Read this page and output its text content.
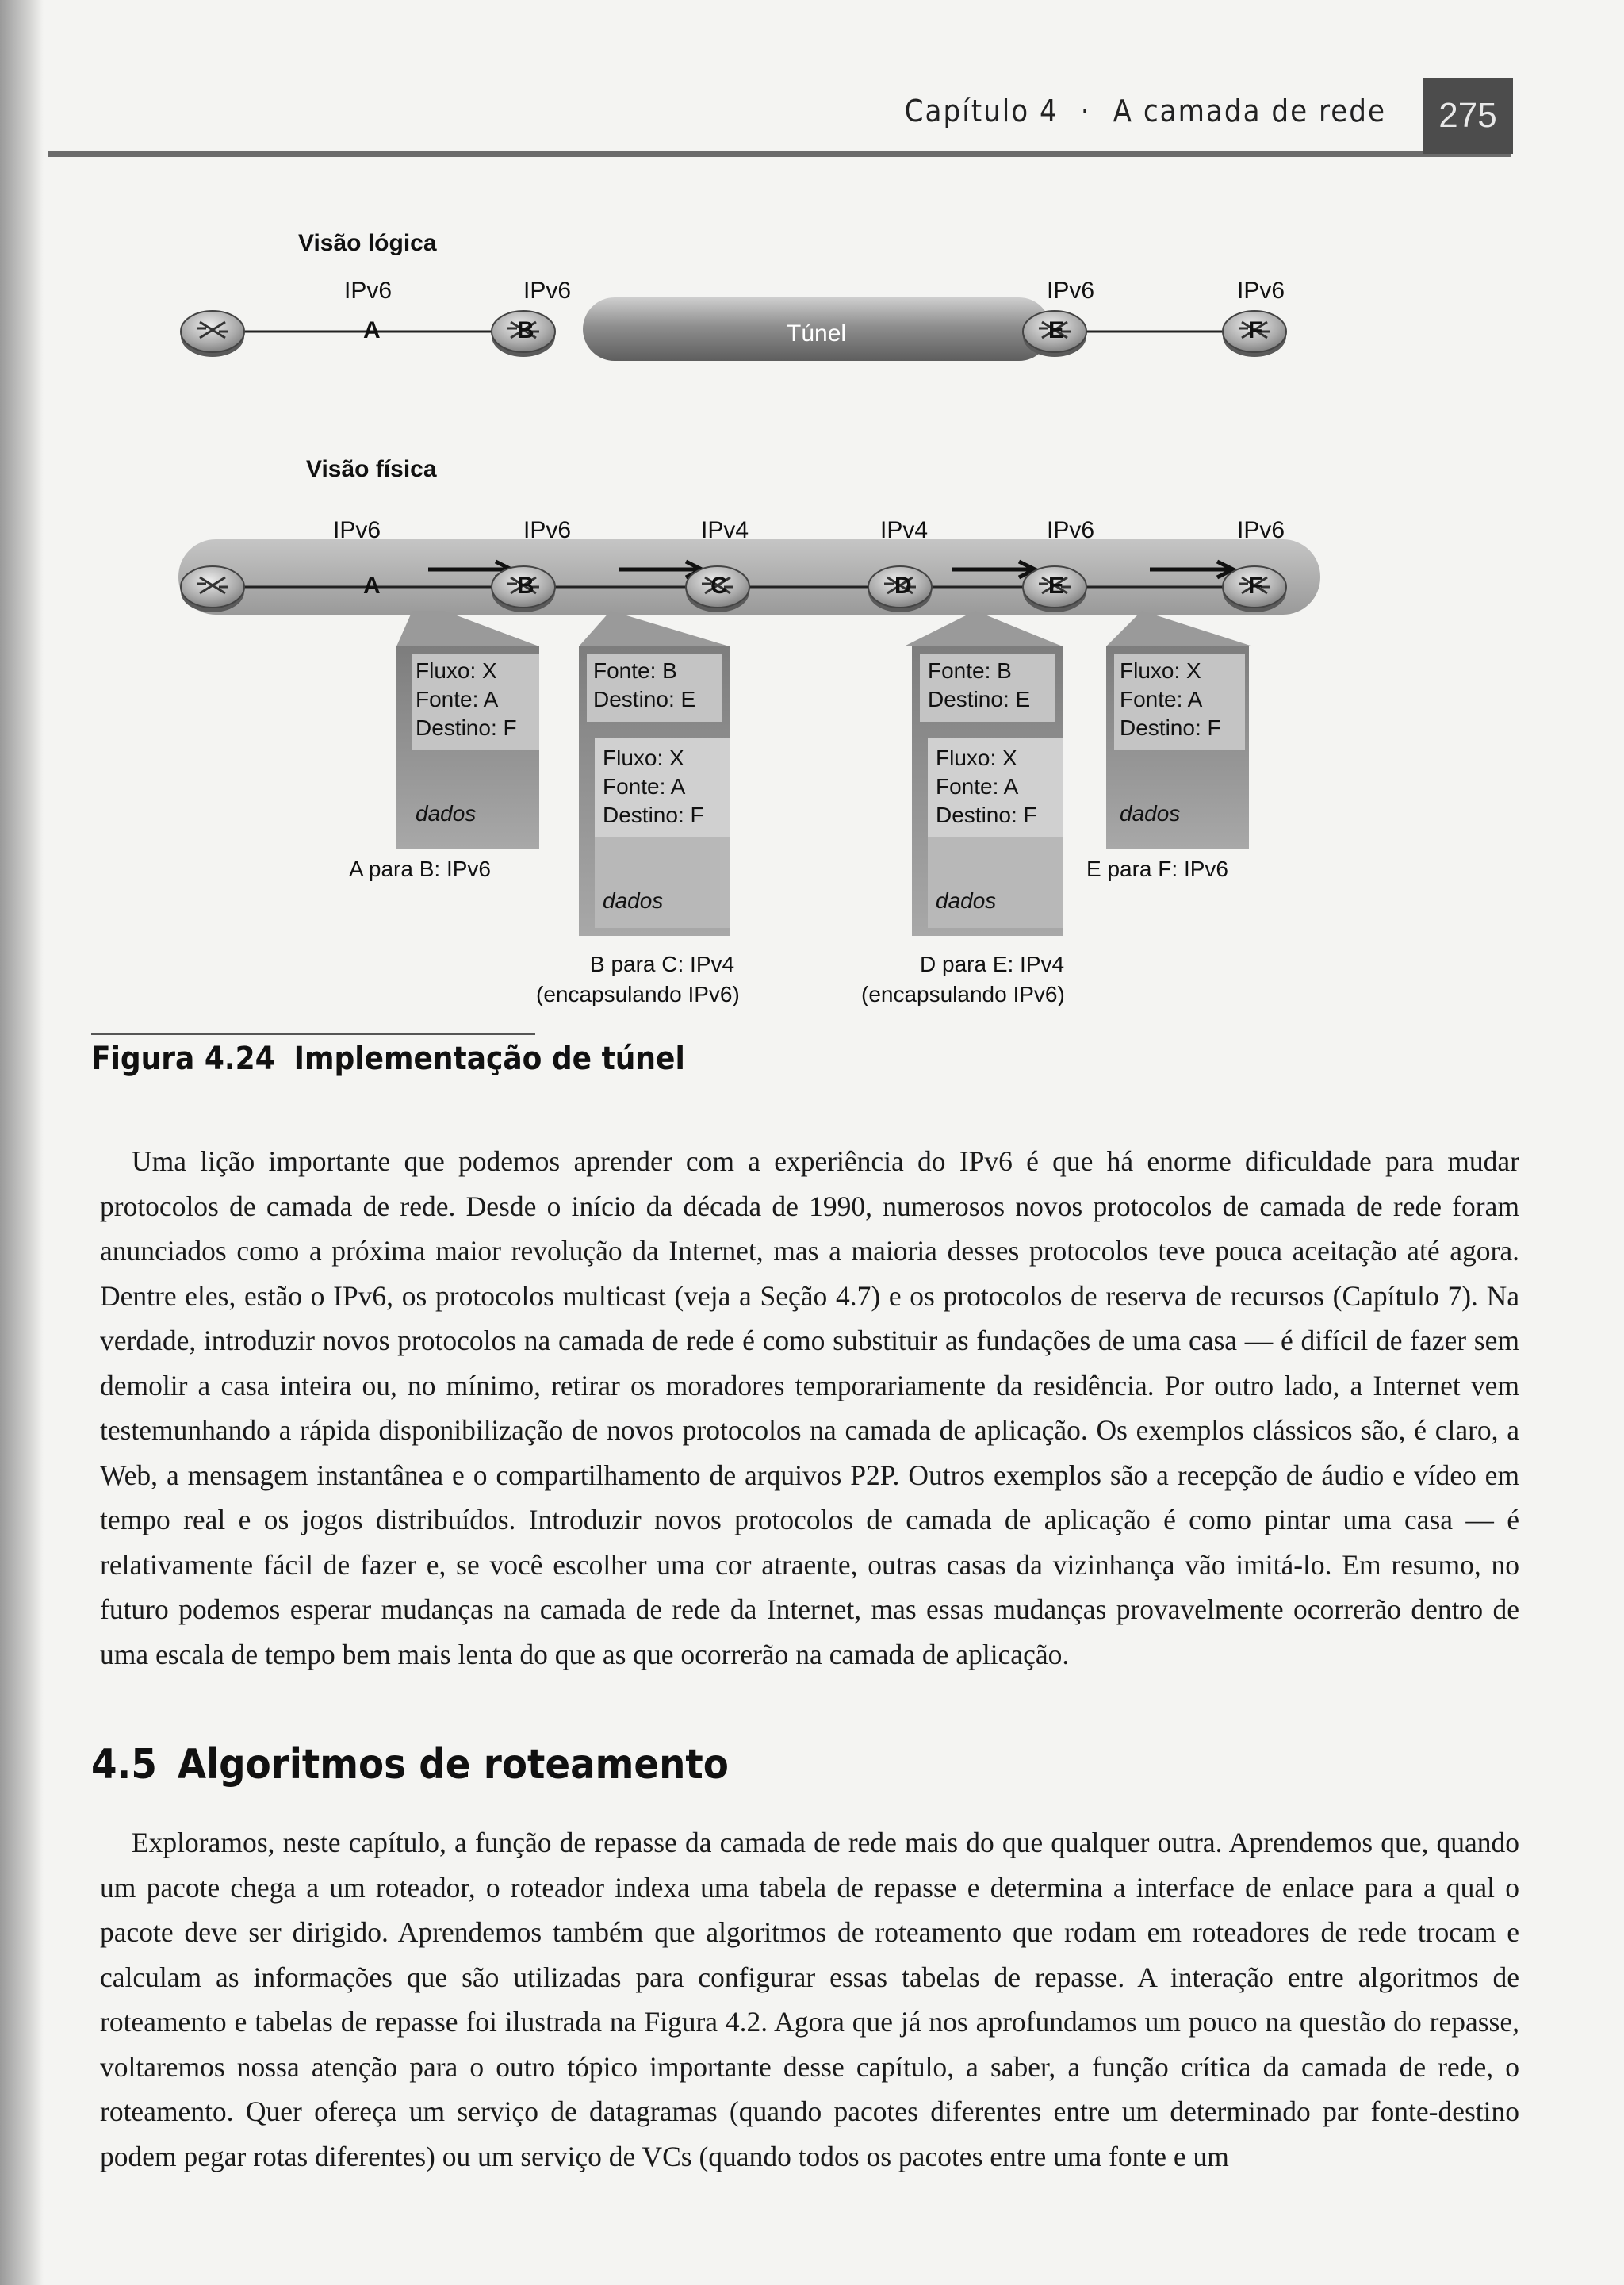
Capítulo 4 · A camada de rede	275
Visão lógica
IPv6	IPv6	IPv6	IPv6
Túnel
A	B	E	F
Visão física
IPv6	IPv6	IPv4	IPv4	IPv6	IPv6
A	B	C	D	E	F
Fluxo: X
Fonte: A
Destino: F
dados
A para B: IPv6
Fonte: B
Destino: E
Fluxo: X
Fonte: A
Destino: F
dados
B para C: IPv4
(encapsulando IPv6)
Fonte: B
Destino: E
Fluxo: X
Fonte: A
Destino: F
dados
D para E: IPv4
(encapsulando IPv6)
Fluxo: X
Fonte: A
Destino: F
dados
E para F: IPv6
Figura 4.24 Implementação de túnel

Uma lição importante que podemos aprender com a experiência do IPv6 é que há enorme dificuldade para mudar protocolos de camada de rede. Desde o início da década de 1990, numerosos novos protocolos de camada de rede foram anunciados como a próxima maior revolução da Internet, mas a maioria desses protocolos teve pouca aceitação até agora. Dentre eles, estão o IPv6, os protocolos multicast (veja a Seção 4.7) e os protocolos de reserva de recursos (Capítulo 7). Na verdade, introduzir novos protocolos na camada de rede é como substituir as fundações de uma casa — é difícil de fazer sem demolir a casa inteira ou, no mínimo, retirar os moradores temporariamente da residência. Por outro lado, a Internet vem testemunhando a rápida disponibilização de novos protocolos na camada de aplicação. Os exemplos clássicos são, é claro, a Web, a mensagem instantânea e o compartilhamento de arquivos P2P. Outros exemplos são a recepção de áudio e vídeo em tempo real e os jogos distribuídos. Introduzir novos protocolos de camada de aplicação é como pintar uma casa — é relativamente fácil de fazer e, se você escolher uma cor atraente, outras casas da vizinhança vão imitá-lo. Em resumo, no futuro podemos esperar mudanças na camada de rede da Internet, mas essas mudanças provavelmente ocorrerão dentro de uma escala de tempo bem mais lenta do que as que ocorrerão na camada de aplicação.

4.5 Algoritmos de roteamento

Exploramos, neste capítulo, a função de repasse da camada de rede mais do que qualquer outra. Aprendemos que, quando um pacote chega a um roteador, o roteador indexa uma tabela de repasse e determina a interface de enlace para a qual o pacote deve ser dirigido. Aprendemos também que algoritmos de roteamento que rodam em roteadores de rede trocam e calculam as informações que são utilizadas para configurar essas tabelas de repasse. A interação entre algoritmos de roteamento e tabelas de repasse foi ilustrada na Figura 4.2. Agora que já nos aprofundamos um pouco na questão do repasse, voltaremos nossa atenção para o outro tópico importante desse capítulo, a saber, a função crítica da camada de rede, o roteamento. Quer ofereça um serviço de datagramas (quando pacotes diferentes entre um determinado par fonte-destino podem pegar rotas diferentes) ou um serviço de VCs (quando todos os pacotes entre uma fonte e um
